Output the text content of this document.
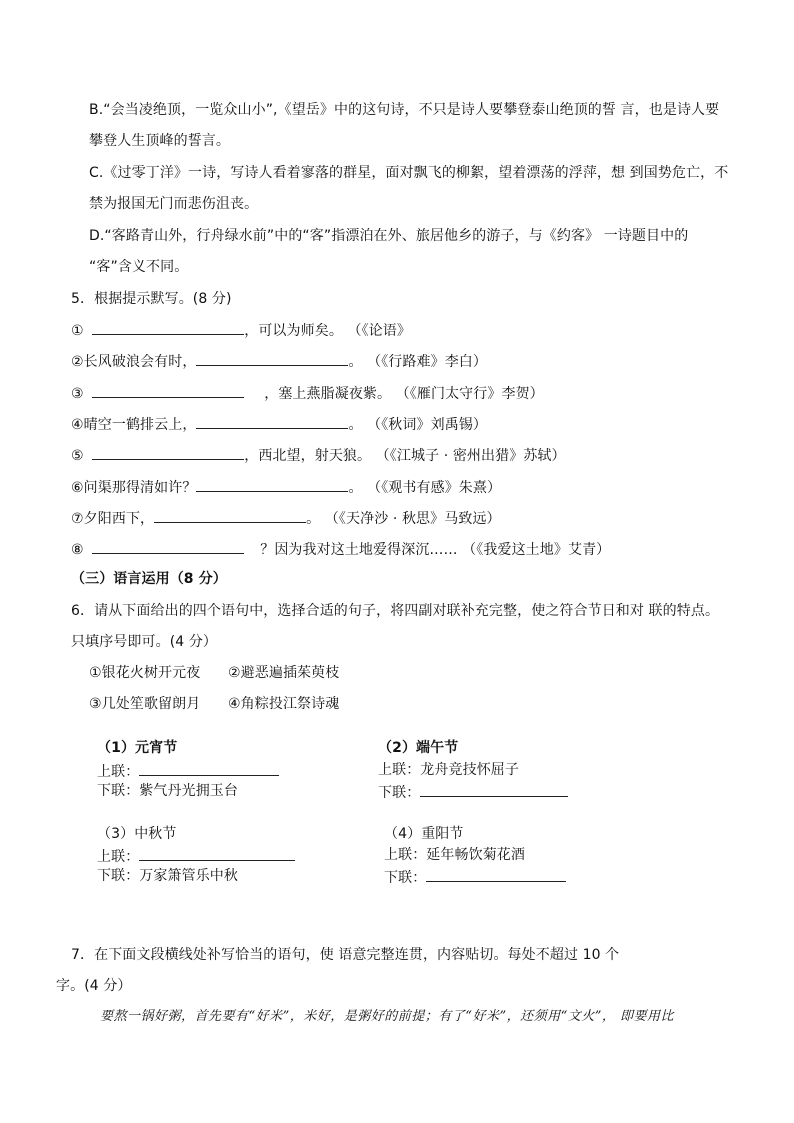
B.“会当凌绝顶，一览众山小”,《望岳》中的这句诗，不只是诗人要攀登泰山绝顶的誓 言，也是诗人要
攀登人生顶峰的誓言。
C.《过零丁洋》一诗，写诗人看着寥落的群星，面对飘飞的柳絮，望着漂荡的浮萍，想 到国势危亡，不
禁为报国无门而悲伤沮丧。
D.“客路青山外，行舟绿水前”中的“客”指漂泊在外、旅居他乡的游子，与《约客》 一诗题目中的
“客”含义不同。
5．根据提示默写。(8 分)
①	，可以为师矣。 （《论语》
②长风破浪会有时，	。 （《行路难》李白）
③	，塞上燕脂凝夜紫。 （《雁门太守行》李贺）
④晴空一鹤排云上，	。 （《秋词》刘禹锡）
⑤	，西北望，射天狼。 （《江城子 · 密州出猎》苏轼）
⑥问渠那得清如许？	。 （《观书有感》朱熹）
⑦夕阳西下，	。 （《天净沙 · 秋思》马致远）
⑧	？因为我对这土地爱得深沉…… （《我爱这土地》艾青）
（三）语言运用（8 分）
6．请从下面给出的四个语句中，选择合适的句子，将四副对联补充完整，使之符合节日和对 联的特点。
只填序号即可。(4 分）
①银花火树开元夜 ②避恶遍插茱萸枝
③几处笙歌留朗月 ④角粽投江祭诗魂
（1）元宵节
上联：
下联：紫气丹光拥玉台
（2）端午节
上联：龙舟竞技怀屈子
下联：
（3）中秋节
上联：
下联：万家箫管乐中秋
（4）重阳节
上联：延年畅饮菊花酒
下联：
7．在下面文段横线处补写恰当的语句，使 语意完整连贯，内容贴切。每处不超过 10 个
字。(4 分）
要熬一锅好粥，首先要有“好米”，米好，是粥好的前提；有了“好米”，还须用“文火”， 即要用比
